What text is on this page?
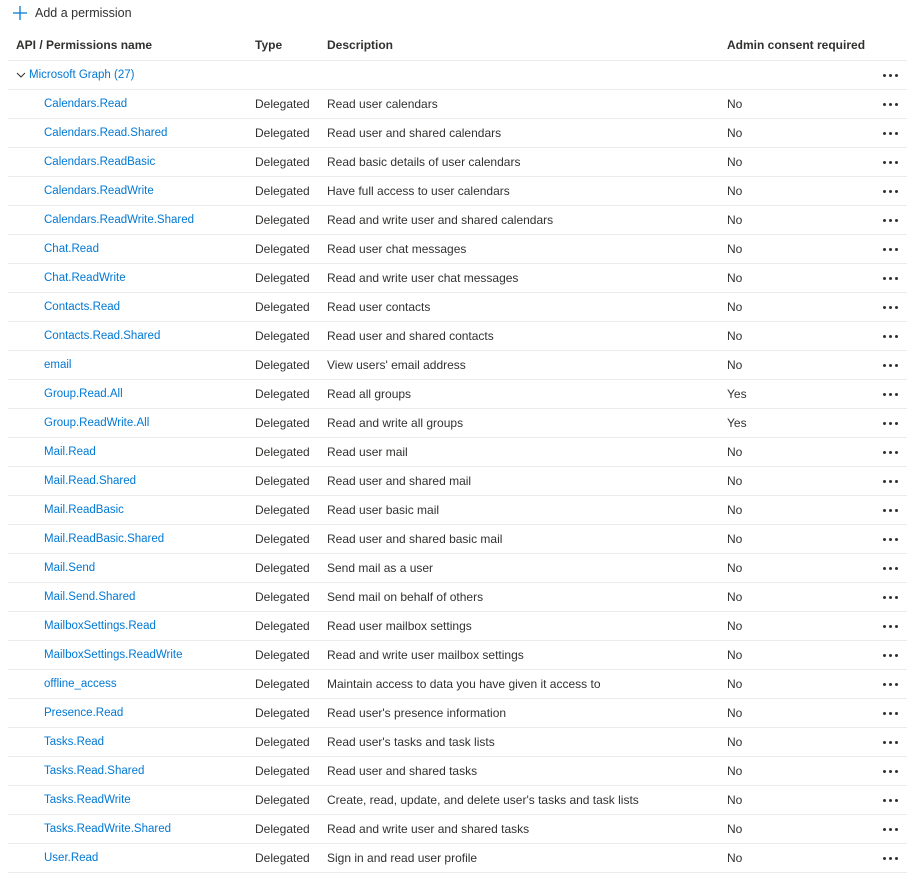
Add a permission
API / Permissions name	Type	Description	Admin consent required
Microsoft Graph (27)
Calendars.Read	Delegated Read user calendars	No
Calendars.Read.Shared	Delegated Read user and shared calendars	No
Calendars.ReadBasic	Delegated Read basic details of user calendars	No
Calendars.ReadWrite	Delegated Have full access to user calendars	No
Calendars.ReadWrite.Shared	Delegated Read and write user and shared calendars	No
Chat.Read	Delegated Read user chat messages	No
Chat.ReadWrite	Delegated Read and write user chat messages	No
Contacts.Read	Delegated Read user contacts	No
Contacts.Read.Shared	Delegated Read user and shared contacts	No
email	Delegated View users' email address	No
Group.Read.All	Delegated Read all groups	Yes
Group.ReadWrite.All	Delegated Read and write all groups	Yes
Mail.Read	Delegated Read user mail	No
Mail.Read.Shared	Delegated Read user and shared mail	No
Mail.ReadBasic	Delegated Read user basic mail	No
Mail.ReadBasic.Shared	Delegated Read user and shared basic mail	No
Mail.Send	Delegated Send mail as a user	No
Mail.Send.Shared	Delegated Send mail on behalf of others	No
MailboxSettings.Read	Delegated Read user mailbox settings	No
MailboxSettings.ReadWrite	Delegated Read and write user mailbox settings	No
offline_access	Delegated Maintain access to data you have given it access to	No
Presence.Read	Delegated Read user's presence information	No
Tasks.Read	Delegated Read user's tasks and task lists	No
Tasks.Read.Shared	Delegated Read user and shared tasks	No
Tasks.ReadWrite	Delegated Create, read, update, and delete user's tasks and task lists	No
Tasks.ReadWrite.Shared	Delegated Read and write user and shared tasks	No
User.Read	Delegated Sign in and read user profile	No
